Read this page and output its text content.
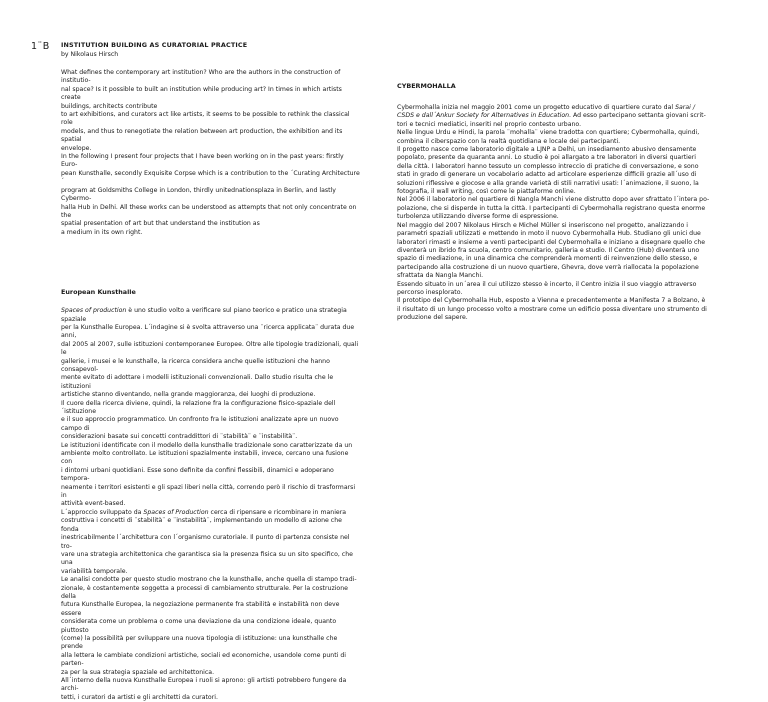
1¨B INSTITUTION BUILDING AS CURATORIAL PRACTICE

by Nikolaus Hirsch

What defines the contemporary art institution? Who are the authors in the construction of institutio-
nal space? Is it possible to built an institution while producing art? In times in which artists create
buildings, architects contribute
to art exhibitions, and curators act like artists, it seems to be possible to rethink the classical role
models, and thus to renegotiate the relation between art production, the exhibition and its spatial
envelope.
In the following I present four projects that I have been working on in the past years: firstly Euro-
pean Kunsthalle, secondly Exquisite Corpse which is a contribution to the ´Curating Architecture´
program at Goldsmiths College in London, thirdly unitednationsplaza in Berlin, and lastly Cybermo-
halla Hub in Delhi. All these works can be understood as attempts that not only concentrate on the
spatial presentation of art but that understand the institution as
a medium in its own right.

European Kunsthalle

Spaces of production è uno studio volto a verificare sul piano teorico e pratico una strategia spaziale
per la Kunsthalle Europea. L´indagine si è svolta attraverso una ¨ricerca applicata¨ durata due anni,
dal 2005 al 2007, sulle istituzioni contemporanee Europee. Oltre alle tipologie tradizionali, quali le
gallerie, i musei e le kunsthalle, la ricerca considera anche quelle istituzioni che hanno consapevol-
mente evitato di adottare i modelli istituzionali convenzionali. Dallo studio risulta che le istituzioni
artistiche stanno diventando, nella grande maggioranza, dei luoghi di produzione.
Il cuore della ricerca diviene, quindi, la relazione fra la configurazione fisico-spaziale dell´istituzione
e il suo approccio programmatico. Un confronto fra le istituzioni analizzate apre un nuovo campo di
considerazioni basate sui concetti contraddittori di ¨stabilità¨ e ¨instabilità¨.
Le istituzioni identificate con il modello della kunsthalle tradizionale sono caratterizzate da un
ambiente molto controllato. Le istituzioni spazialmente instabili, invece, cercano una fusione con
i dintorni urbani quotidiani. Esse sono definite da confini flessibili, dinamici e adoperano tempora-
neamente i territori esistenti e gli spazi liberi nella città, correndo però il rischio di trasformarsi in
attività event-based.

L´approccio sviluppato da Spaces of Production cerca di ripensare e ricombinare in maniera
costruttiva i concetti di ¨stabilità¨ e ¨instabilità¨, implementando un modello di azione che fonda
inestricabilmente l´architettura con l´organismo curatoriale. Il punto di partenza consiste nel tro-
vare una strategia architettonica che garantisca sia la presenza fisica su un sito specifico, che una
variabilità temporale.
Le analisi condotte per questo studio mostrano che la kunsthalle, anche quella di stampo tradi-
zionale, è costantemente soggetta a processi di cambiamento strutturale. Per la costruzione della
futura Kunsthalle Europea, la negoziazione permanente fra stabilità e instabilità non deve essere
considerata come un problema o come una deviazione da una condizione ideale, quanto piuttosto
(come) la possibilità per sviluppare una nuova tipologia di istituzione: una kunsthalle che prende
alla lettera le cambiate condizioni artistiche, sociali ed economiche, usandole come punti di parten-
za per la sua strategia spaziale ed architettonica.
All´interno della nuova Kunsthalle Europea i ruoli si aprono: gli artisti potrebbero fungere da archi-
tetti, i curatori da artisti e gli architetti da curatori.

CYBERMOHALLA

Cybermohalla inizia nel maggio 2001 come un progetto educativo di quartiere curato dal Sarai /
CSDS e dall´Ankur Society for Alternatives in Education. Ad esso partecipano settanta giovani scrit-
tori e tecnici mediatici, inseriti nel proprio contesto urbano.
Nelle lingue Urdu e Hindi, la parola ¨mohalla¨ viene tradotta con quartiere; Cybermohalla, quindi,
combina il ciberspazio con la realtà quotidiana e locale dei partecipanti.
Il progetto nasce come laboratorio digitale a LJNP a Delhi, un insediamento abusivo densamente
popolato, presente da quaranta anni. Lo studio è poi allargato a tre laboratori in diversi quartieri
della città. I laboratori hanno tessuto un complesso intreccio di pratiche di conversazione, e sono
stati in grado di generare un vocabolario adatto ad articolare esperienze difficili grazie all´uso di
soluzioni riflessive e giocose e alla grande varietà di stili narrativi usati: l´animazione, il suono, la
fotografia, il wall writing, così come le piattaforme online.
Nel 2006 il laboratorio nel quartiere di Nangla Manchi viene distrutto dopo aver sfrattato l´intera po-
polazione, che si disperde in tutta la città. I partecipanti di Cybermohalla registrano questa enorme
turbolenza utilizzando diverse forme di espressione.
Nel maggio del 2007 Nikolaus Hirsch e Michel Müller si inseriscono nel progetto, analizzando i
parametri spaziali utilizzati e mettendo in moto il nuovo Cybermohalla Hub. Studiano gli unici due
laboratori rimasti e insieme a venti partecipanti del Cybermohalla e iniziano a disegnare quello che
diventerà un ibrido fra scuola, centro comunitario, galleria e studio. Il Centro (Hub) diventerà uno
spazio di mediazione, in una dinamica che comprenderà momenti di reinvenzione dello stesso, e
partecipando alla costruzione di un nuovo quartiere, Ghevra, dove verrà riallocata la popolazione
sfrattata da Nangla Manchi.
Essendo situato in un´area il cui utilizzo stesso è incerto, il Centro inizia il suo viaggio attraverso
percorso inesplorato.
Il prototipo del Cybermohalla Hub, esposto a Vienna e precedentemente a Manifesta 7 a Bolzano, è
il risultato di un lungo processo volto a mostrare come un edificio possa diventare uno strumento di
produzione del sapere.
